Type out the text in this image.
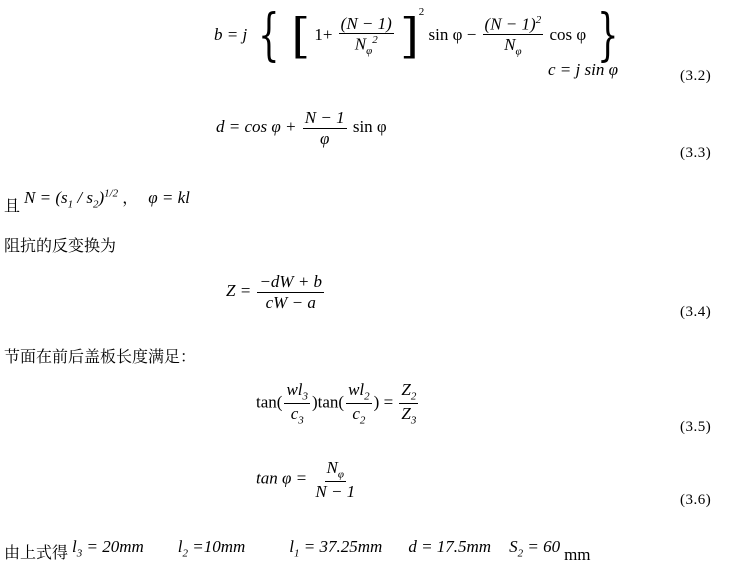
b = j { [ $1+ \frac{(N - 1)}{N_\varphi^2} ]^2$ $\sin \varphi - \frac{(N - 1)^2}{N_\varphi}$ cos φ }
c = j sin φ	(3.2)
$d = \cos \varphi + \frac{N - 1}{\varphi}$ sin φ
(3.3)
且 $N = (s_1 / s_2)^{1/2}$ ， φ = kl
阻抗的反变换为
$Z = \frac{-dW + b}{cW - a}$	(3.4)
节面在前后盖板长度满足：
$\tan( \frac{wl_3}{c_3} )\tan( \frac{wl_2}{c_2}$ ) = $\frac{Z_2}{Z_3}$	(3.5)
$\tan \varphi = \frac{N_\varphi}{N - 1}$	(3.6)
由上式得 $l_3 = 20mm$ $l_2 =10mm$	$l_1 = 37.25mm$ d = 17.5mm $S_2 = 60$ mm
